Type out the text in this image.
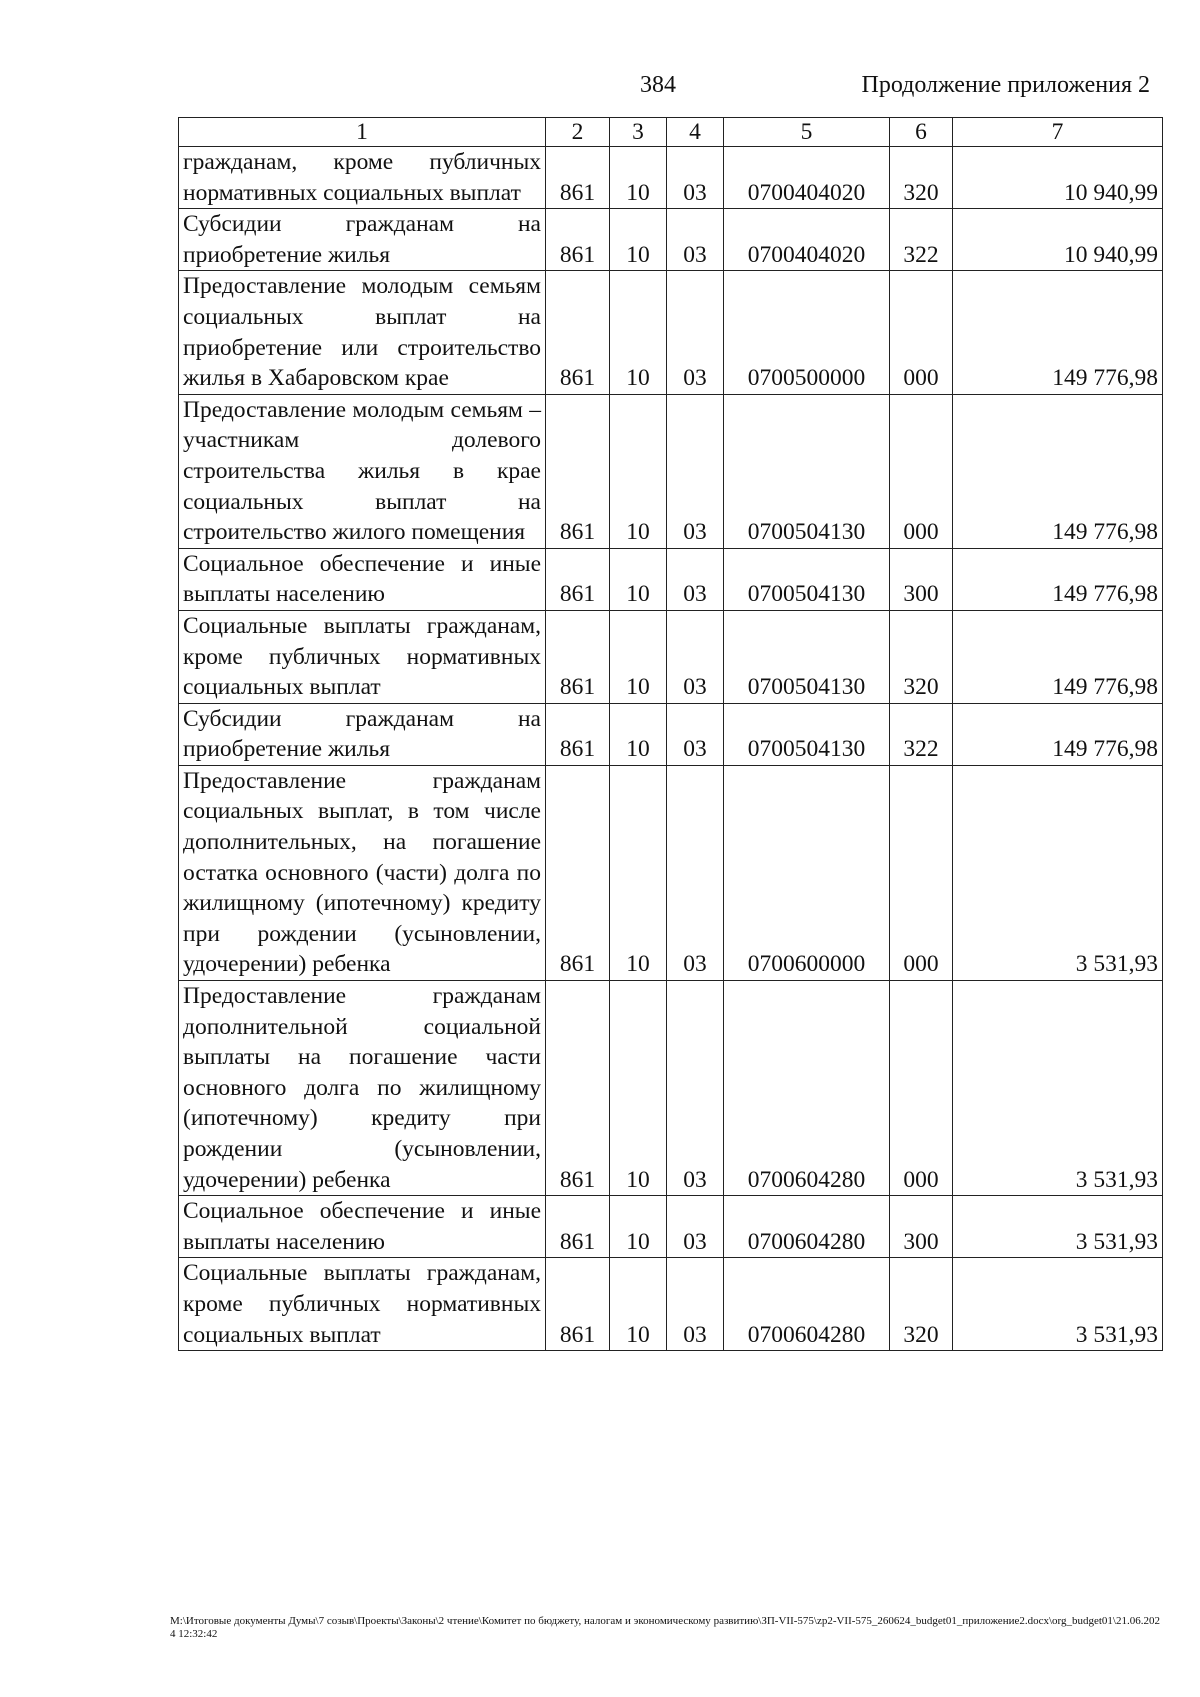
384	Продолжение приложения 2
1	2	3	4	5	6	7
гражданам, кроме публичных нормативных социальных выплат	861	10	03	0700404020	320	10 940,99
Субсидии гражданам на приобретение жилья	861	10	03	0700404020	322	10 940,99
Предоставление молодым семьям социальных выплат на приобретение или строительство жилья в Хабаровском крае	861	10	03	0700500000	000	149 776,98
Предоставление молодым семьям – участникам долевого строительства жилья в крае социальных выплат на строительство жилого помещения	861	10	03	0700504130	000	149 776,98
Социальное обеспечение и иные выплаты населению	861	10	03	0700504130	300	149 776,98
Социальные выплаты гражданам, кроме публичных нормативных социальных выплат	861	10	03	0700504130	320	149 776,98
Субсидии гражданам на приобретение жилья	861	10	03	0700504130	322	149 776,98
Предоставление гражданам социальных выплат, в том числе дополнительных, на погашение остатка основного (части) долга по жилищному (ипотечному) кредиту при рождении (усыновлении, удочерении) ребенка	861	10	03	0700600000	000	3 531,93
Предоставление гражданам дополнительной социальной выплаты на погашение части основного долга по жилищному (ипотечному) кредиту при рождении (усыновлении, удочерении) ребенка	861	10	03	0700604280	000	3 531,93
Социальное обеспечение и иные выплаты населению	861	10	03	0700604280	300	3 531,93
Социальные выплаты гражданам, кроме публичных нормативных социальных выплат	861	10	03	0700604280	320	3 531,93
M:\Итоговые документы Думы\7 созыв\Проекты\Законы\2 чтение\Комитет по бюджету, налогам и экономическому развитию\ЗП-VII-575\zp2-VII-575_260624_budget01_приложение2.docx\org_budget01\21.06.2024 12:32:42
